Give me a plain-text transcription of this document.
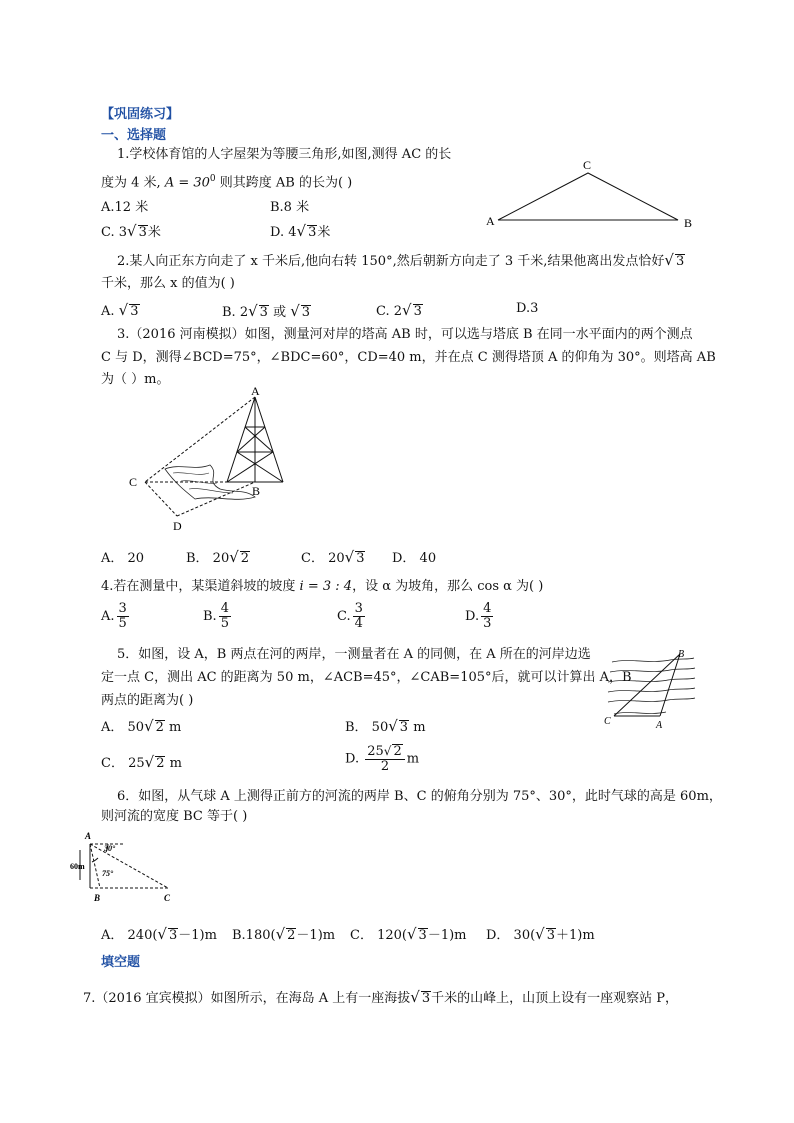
【巩固练习】
一、选择题
1.学校体育馆的人字屋架为等腰三角形,如图,测得 AC 的长
度为 4 米, $A = 30^0$ 则其跨度 AB 的长为( )
A.12 米	B.8 米
C. 3√ 3米	D. 4√ 3米
A	B
C
2.某人向正东方向走了 x 千米后,他向右转 150°,然后朝新方向走了 3 千米,结果他离出发点恰好√ 3
千米，那么 x 的值为( )
A. √ 3	B. 2√ 3 或 √ 3	C. 2√ 3	D.3
3.（2016 河南模拟）如图，测量河对岸的塔高 AB 时，可以选与塔底 B 在同一水平面内的两个测点
C 与 D，测得∠BCD=75°，∠BDC=60°，CD=40 m，并在点 C 测得塔顶 A 的仰角为 30°。则塔高 AB
为（ ）m。
A
B
C
D
A． 20	B． 20√ 2	C． 20√ 3 D． 40
4.若在测量中，某渠道斜坡的坡度 i = 3 : 4，设 α 为坡角，那么 cos α 为( )
A. $\frac{3}{5}$	B. $\frac{4}{5}$	C. $\frac{3}{4}$	D. $\frac{4}{3}$
5．如图，设 A，B 两点在河的两岸，一测量者在 A 的同侧，在 A 所在的河岸边选
定一点 C，测出 AC 的距离为 50 m，∠ACB=45°，∠CAB=105°后，就可以计算出 A，B
两点的距离为( )
B
C	A
A． 50√ 2 m	B． 50√ 3 m
C． 25√ 2 m	D. $\frac{25√ 2}{2}$ m
6．如图，从气球 A 上测得正前方的河流的两岸 B、C 的俯角分别为 75°、30°，此时气球的高是 60m，
则河流的宽度 BC 等于( )
A
30°
60m
75°
B	C
A． 240(√ 3－1)m B.180(√ 2－1)m C． 120(√ 3－1)m D． 30(√ 3＋1)m
填空题
7.（2016 宜宾模拟）如图所示，在海岛 A 上有一座海拔√ 3千米的山峰上，山顶上设有一座观察站 P，
